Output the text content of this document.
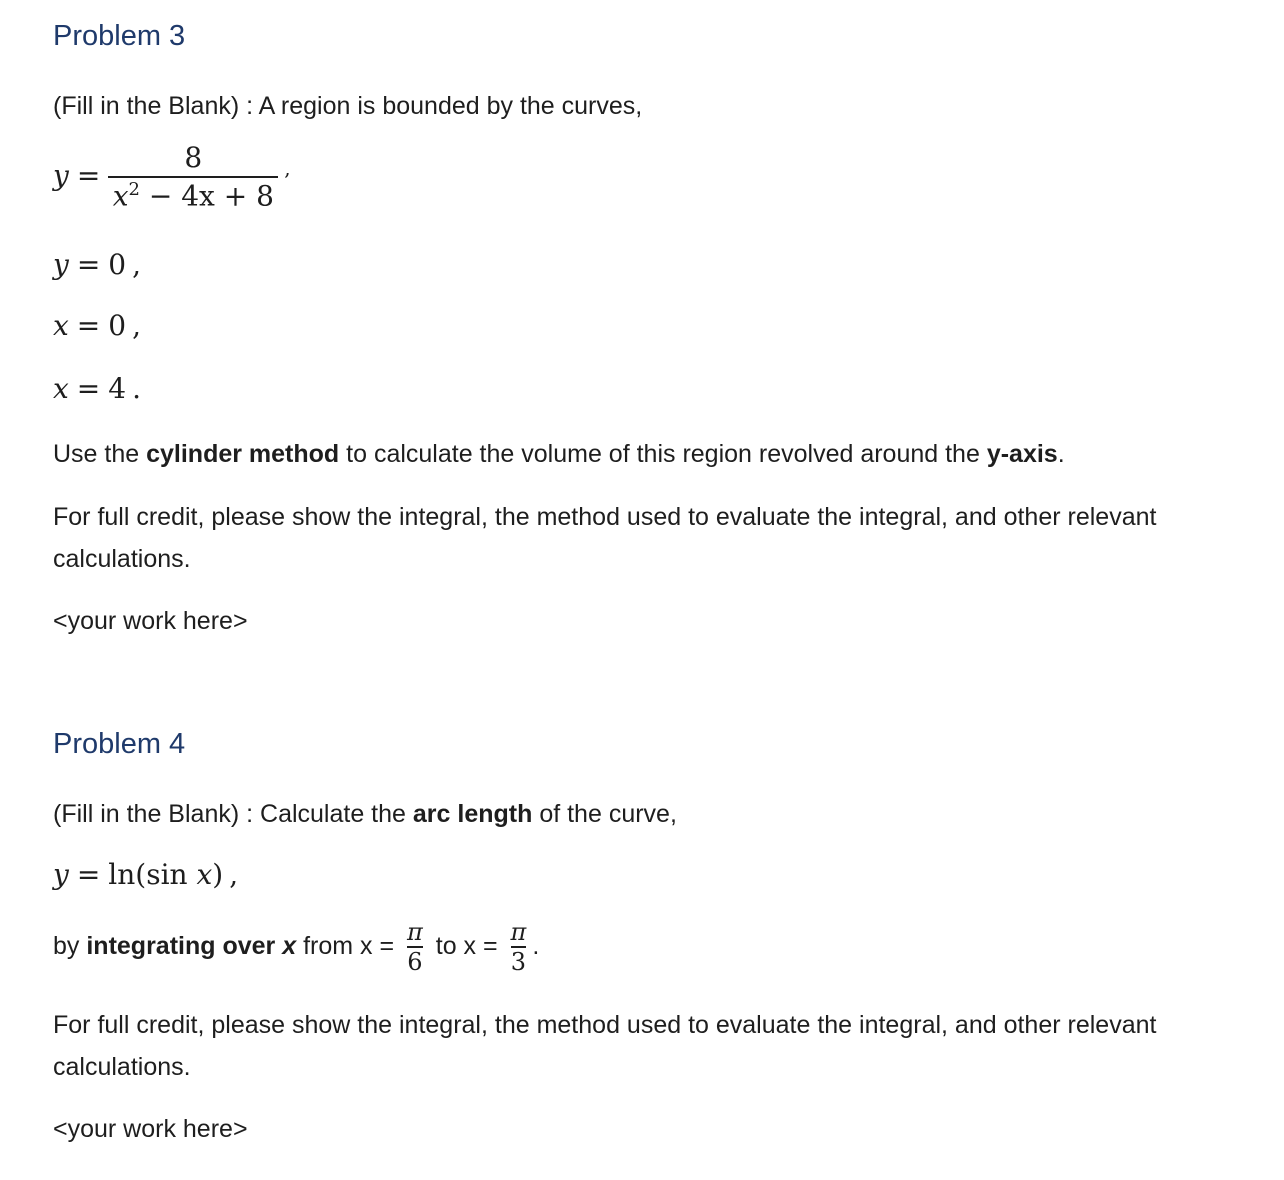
Problem 3

(Fill in the Blank) : A region is bounded by the curves,

$y = \frac{8}{x^2 - 4x + 8} ^,$
y = 0 ,
x = 0 ,
x = 4 .

Use the cylinder method to calculate the volume of this region revolved around the y-axis.

For full credit, please show the integral, the method used to evaluate the integral, and other relevant calculations.

<your work here>

Problem 4

(Fill in the Blank) : Calculate the arc length of the curve,

y = ln(sin x) ,

by integrating over x from $x = \frac{\pi}{6}$ to $x = \frac{\pi}{3}$ .

For full credit, please show the integral, the method used to evaluate the integral, and other relevant calculations.

<your work here>
